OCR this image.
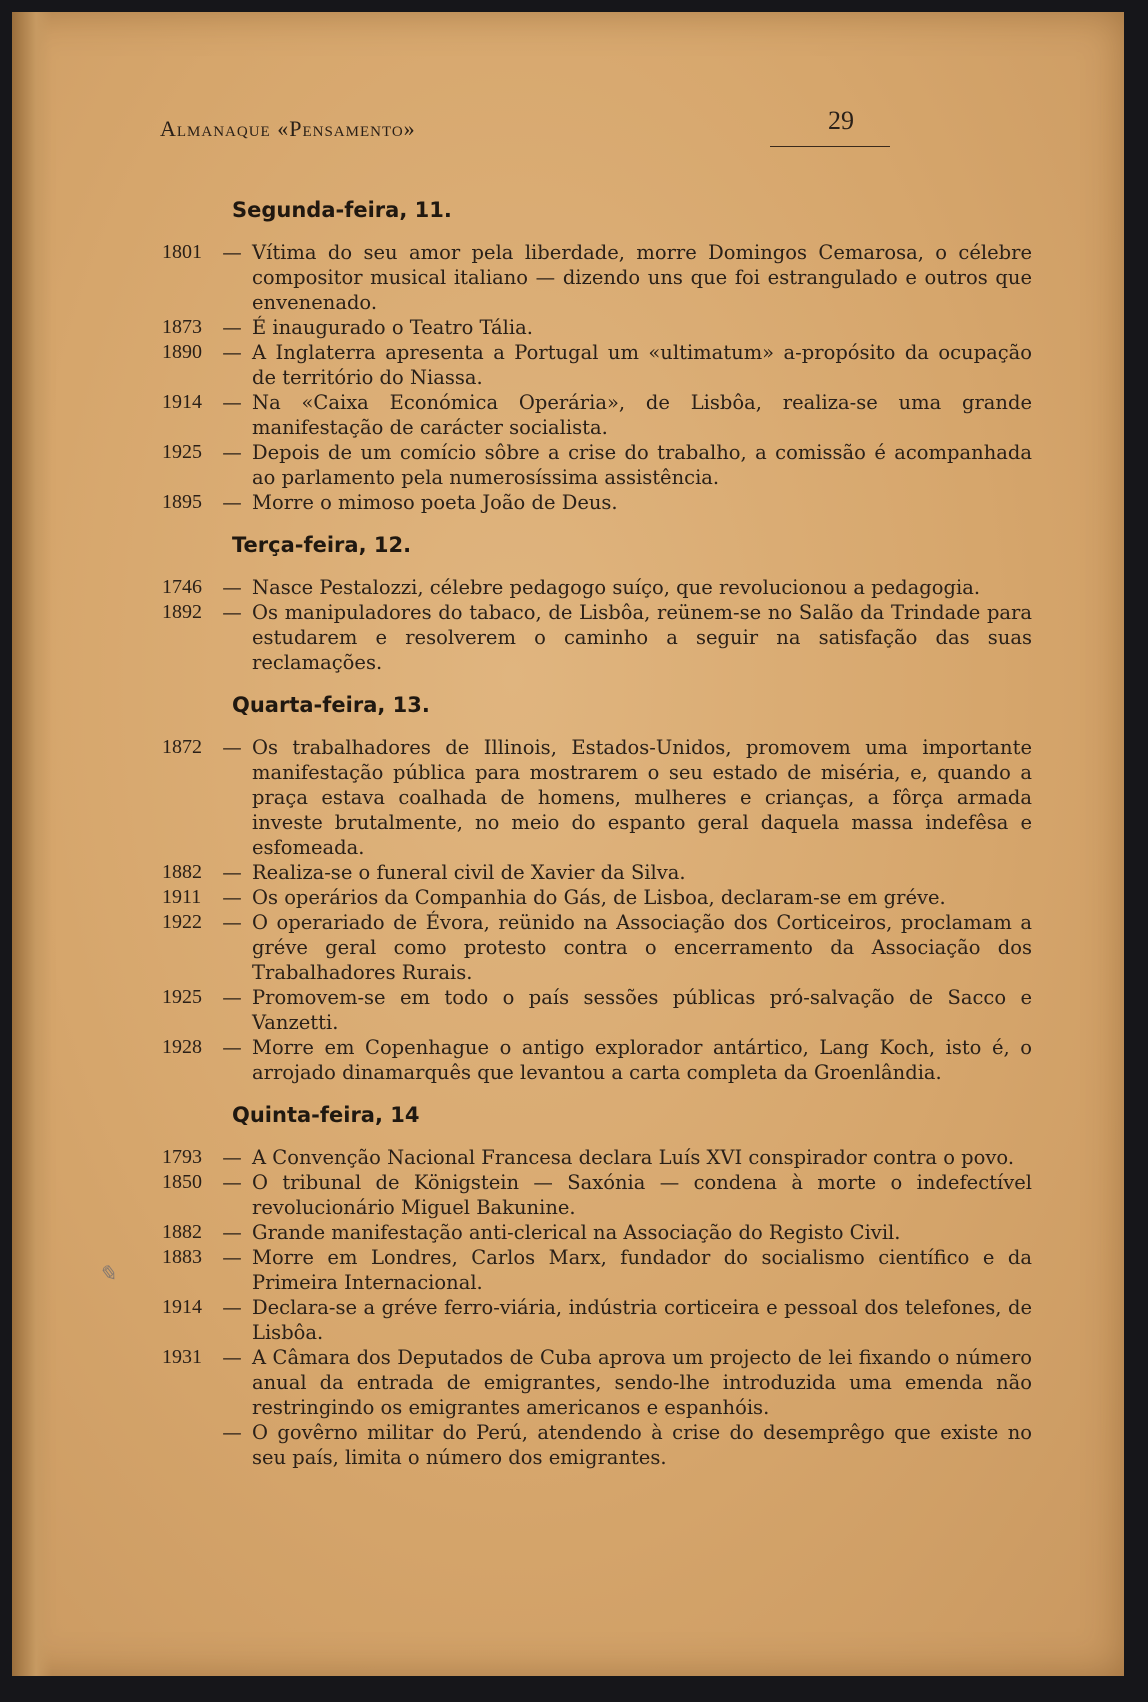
Almanaque «Pensamento»	29
Segunda-feira, 11.
1801	— Vítima do seu amor pela liberdade, morre Domingos Cemarosa, o célebre compositor musical italiano — dizendo uns que foi estrangulado e outros que envenenado.
1873	— É inaugurado o Teatro Tália.
1890	— A Inglaterra apresenta a Portugal um «ultimatum» a-propósito da ocupação de território do Niassa.
1914	— Na «Caixa Económica Operária», de Lisbôa, realiza-se uma grande manifestação de carácter socialista.
1925	— Depois de um comício sôbre a crise do trabalho, a comissão é acompanhada ao parlamento pela numerosíssima assistência.
1895	— Morre o mimoso poeta João de Deus.
Terça-feira, 12.
1746	— Nasce Pestalozzi, célebre pedagogo suíço, que revolucionou a pedagogia.
1892	— Os manipuladores do tabaco, de Lisbôa, reünem-se no Salão da Trindade para estudarem e resolverem o caminho a seguir na satisfação das suas reclamações.
Quarta-feira, 13.
1872	— Os trabalhadores de Illinois, Estados-Unidos, promovem uma importante manifestação pública para mostrarem o seu estado de miséria, e, quando a praça estava coalhada de homens, mulheres e crianças, a fôrça armada investe brutalmente, no meio do espanto geral daquela massa indefêsa e esfomeada.
1882	— Realiza-se o funeral civil de Xavier da Silva.
1911	— Os operários da Companhia do Gás, de Lisboa, declaram-se em gréve.
1922	— O operariado de Évora, reünido na Associação dos Corticeiros, proclamam a gréve geral como protesto contra o encerramento da Associação dos Trabalhadores Rurais.
1925	— Promovem-se em todo o país sessões públicas pró-salvação de Sacco e Vanzetti.
1928	— Morre em Copenhague o antigo explorador antártico, Lang Koch, isto é, o arrojado dinamarquês que levantou a carta completa da Groenlândia.
Quinta-feira, 14
1793	— A Convenção Nacional Francesa declara Luís XVI conspirador contra o povo.
1850	— O tribunal de Königstein — Saxónia — condena à morte o indefectível revolucionário Miguel Bakunine.
1882	— Grande manifestação anti-clerical na Associação do Registo Civil.
1883	— Morre em Londres, Carlos Marx, fundador do socialismo científico e da Primeira Internacional.
1914	— Declara-se a gréve ferro-viária, indústria corticeira e pessoal dos telefones, de Lisbôa.
1931	— A Câmara dos Deputados de Cuba aprova um projecto de lei fixando o número anual da entrada de emigrantes, sendo-lhe introduzida uma emenda não restringindo os emigrantes americanos e espanhóis.
— O govêrno militar do Perú, atendendo à crise do desemprêgo que existe no seu país, limita o número dos emigrantes.
✎
